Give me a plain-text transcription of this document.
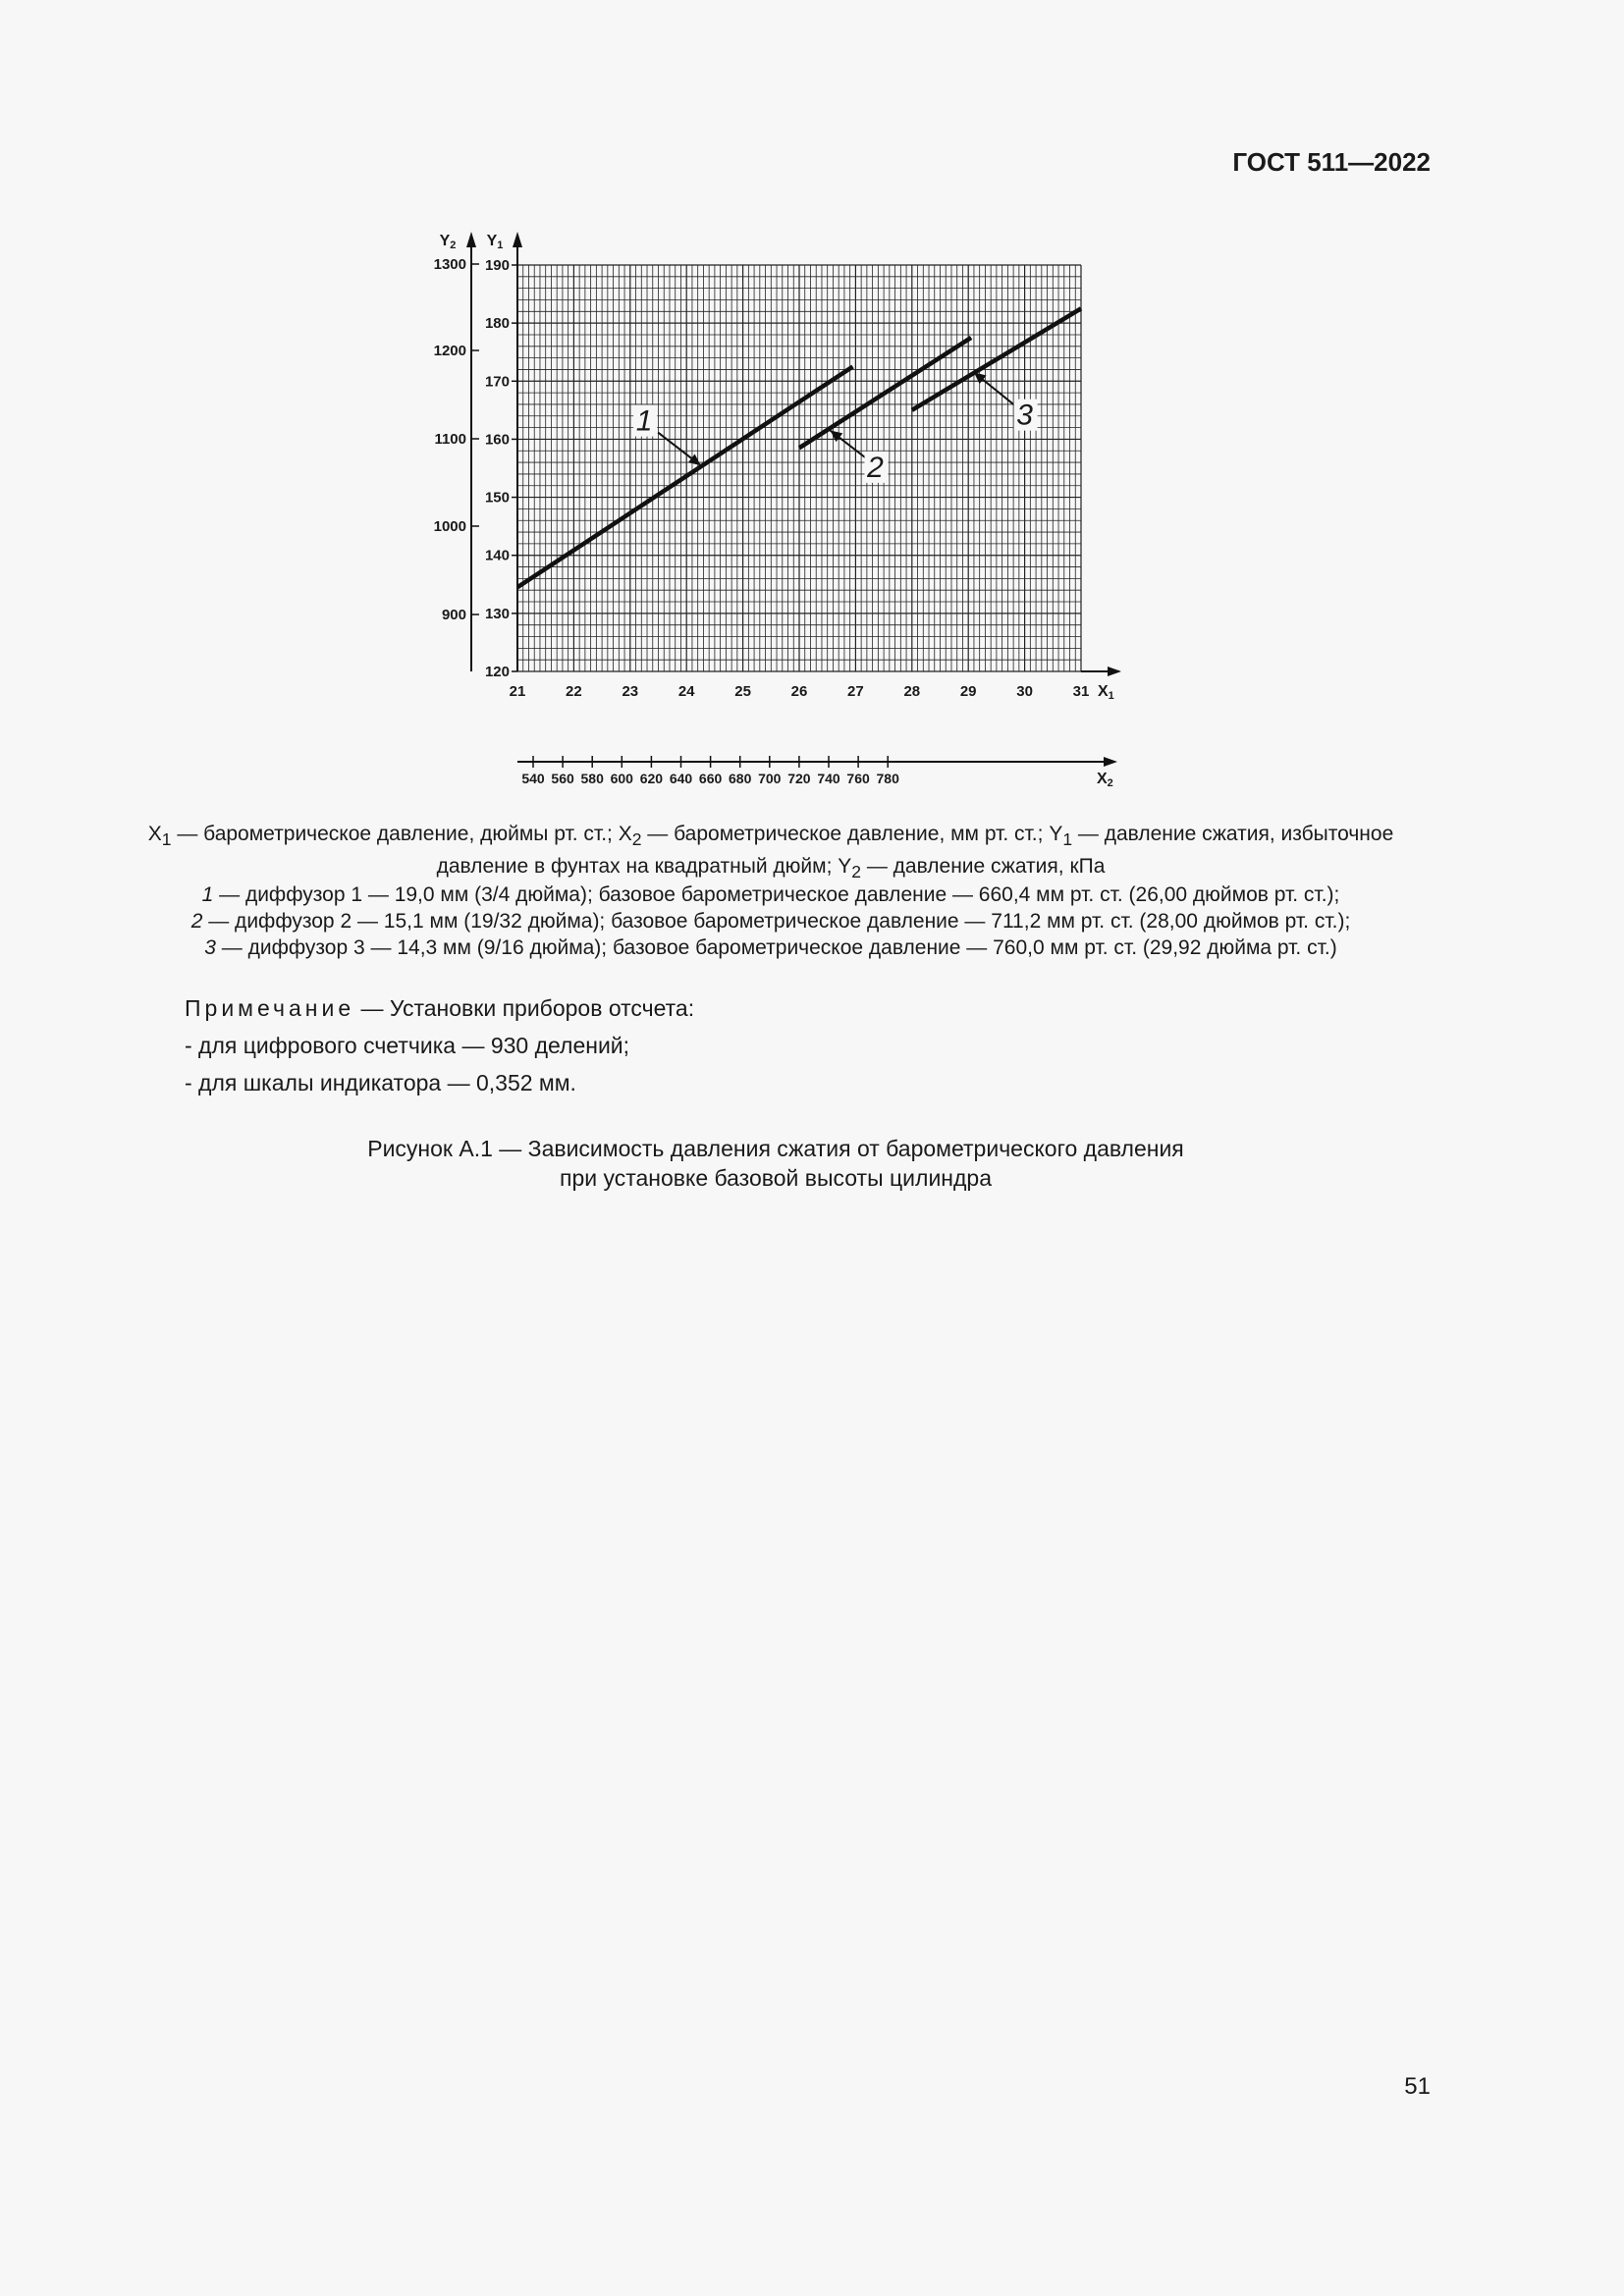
ГОСТ 511—2022
120
130
140
150
160
170
180
190
Y1
900
1000
1100
1200
1300
Y2
21	22	23	24	25	26	27	28	29	30	31 X1
540 560 580 600 620 640 660 680 700 720 740 760 780	X2
1
2
3

$X_1$ — барометрическое давление, дюймы рт. ст.; $X_2$ — барометрическое давление, мм рт. ст.; $Y_1$ — давление сжатия, избыточное

давление в фунтах на квадратный дюйм; $Y_2$ — давление сжатия, кПа

1 — диффузор 1 — 19,0 мм (3/4 дюйма); базовое барометрическое давление — 660,4 мм рт. ст. (26,00 дюймов рт. ст.);

2 — диффузор 2 — 15,1 мм (19/32 дюйма); базовое барометрическое давление — 711,2 мм рт. ст. (28,00 дюймов рт. ст.);

3 — диффузор 3 — 14,3 мм (9/16 дюйма); базовое барометрическое давление — 760,0 мм рт. ст. (29,92 дюйма рт. ст.)

Примечание — Установки приборов отсчета:
- для цифрового счетчика — 930 делений;
- для шкалы индикатора — 0,352 мм.
Рисунок А.1 — Зависимость давления сжатия от барометрического давления
при установке базовой высоты цилиндра
51
